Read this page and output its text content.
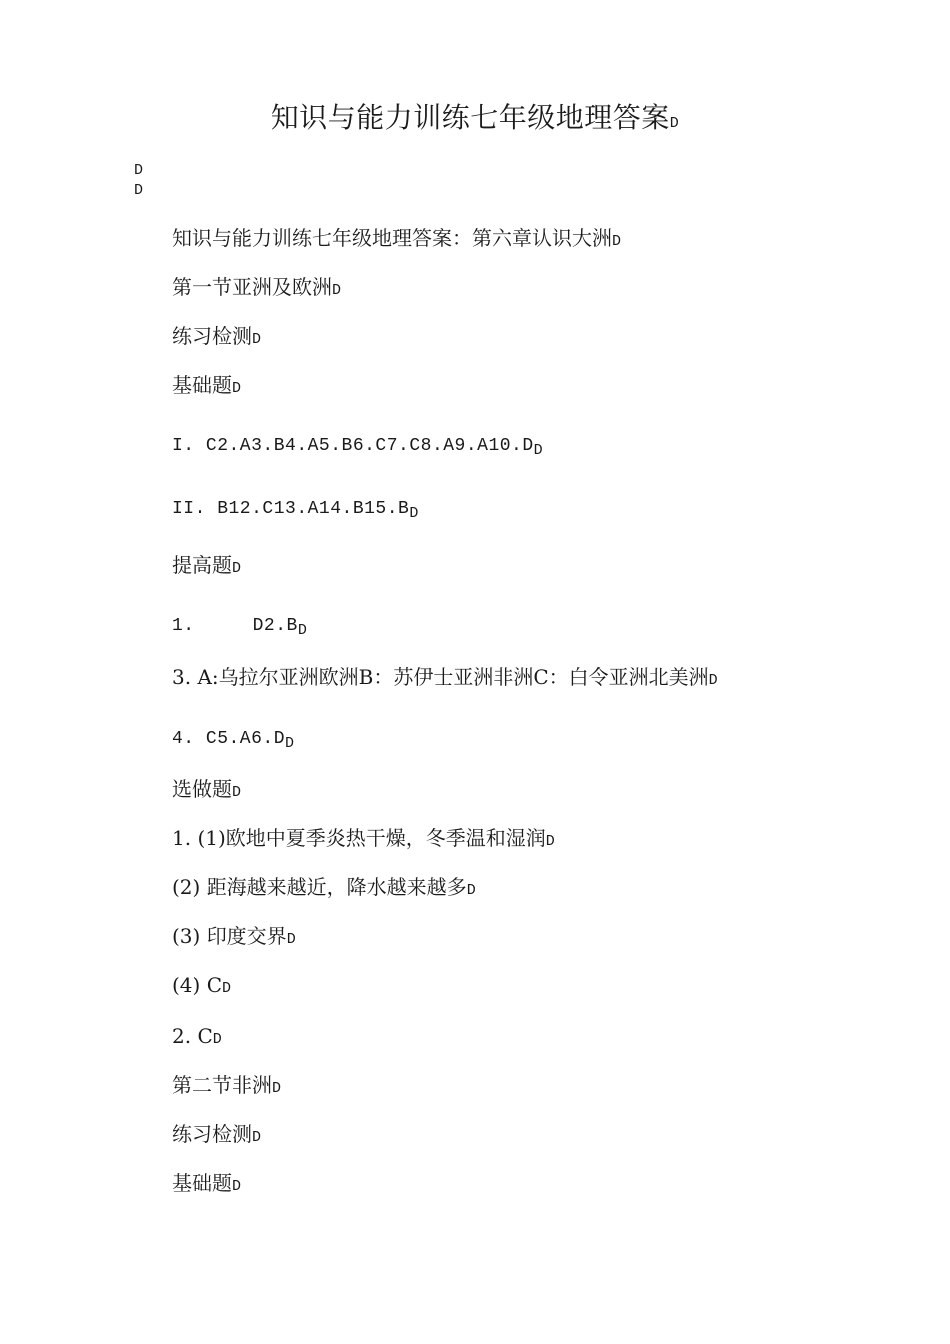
知识与能力训练七年级地理答案D
D
D
知识与能力训练七年级地理答案：第六章认识大洲D
第一节亚洲及欧洲D
练习检测D
基础题D
I. $C2.A3.B4.A5.B6.C7.C8.A9.A10.D_D$
II. $B12.C13.A14.B15.B_D$
提高题D
1.	$D2.B_D$
3. A:乌拉尔亚洲欧洲B：苏伊士亚洲非洲C：白令亚洲北美洲D
4. $C5.A6.D_D$
选做题D
1. (1)欧地中夏季炎热干燥，冬季温和湿润D
(2) 距海越来越近，降水越来越多D
(3) 印度交界D
(4) CD
2. CD
第二节非洲D
练习检测D
基础题D
